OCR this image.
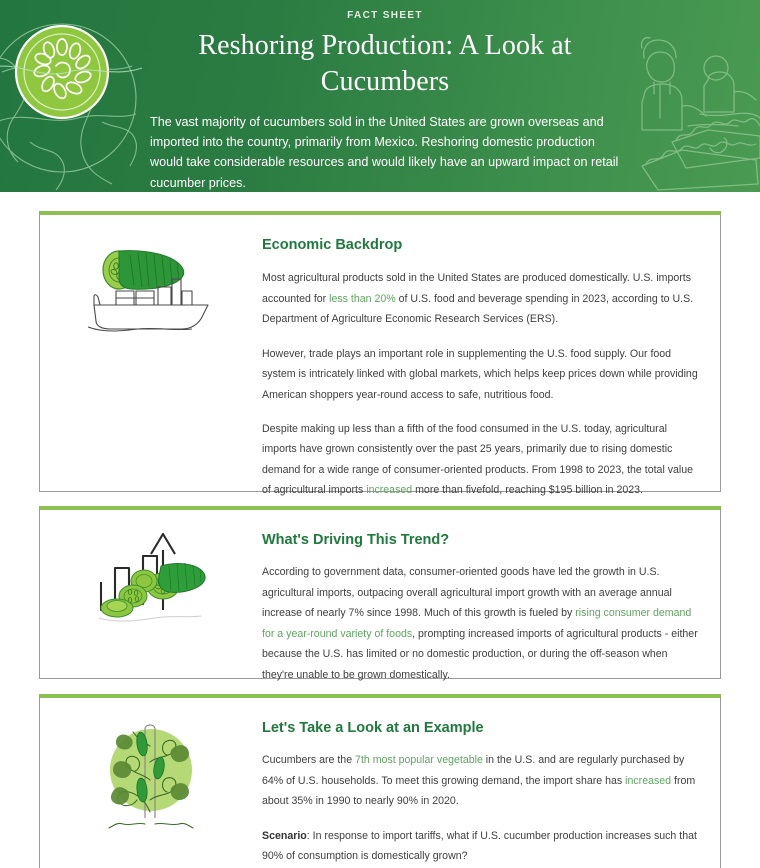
FACT SHEET
Reshoring Production: A Look at Cucumbers

The vast majority of cucumbers sold in the United States are grown overseas and imported into the country, primarily from Mexico. Reshoring domestic production would take considerable resources and would likely have an upward impact on retail cucumber prices.

Economic Backdrop

Most agricultural products sold in the United States are produced domestically. U.S. imports accounted for less than 20% of U.S. food and beverage spending in 2023, according to U.S. Department of Agriculture Economic Research Services (ERS).

However, trade plays an important role in supplementing the U.S. food supply. Our food system is intricately linked with global markets, which helps keep prices down while providing American shoppers year-round access to safe, nutritious food.

Despite making up less than a fifth of the food consumed in the U.S. today, agricultural imports have grown consistently over the past 25 years, primarily due to rising domestic demand for a wide range of consumer-oriented products. From 1998 to 2023, the total value of agricultural imports increased more than fivefold, reaching $195 billion in 2023.

What's Driving This Trend?

According to government data, consumer-oriented goods have led the growth in U.S. agricultural imports, outpacing overall agricultural import growth with an average annual increase of nearly 7% since 1998. Much of this growth is fueled by rising consumer demand for a year-round variety of foods, prompting increased imports of agricultural products - either because the U.S. has limited or no domestic production, or during the off-season when they're unable to be grown domestically.

Let's Take a Look at an Example

Cucumbers are the 7th most popular vegetable in the U.S. and are regularly purchased by 64% of U.S. households. To meet this growing demand, the import share has increased from about 35% in 1990 to nearly 90% in 2020.

Scenario: In response to import tariffs, what if U.S. cucumber production increases such that 90% of consumption is domestically grown?
